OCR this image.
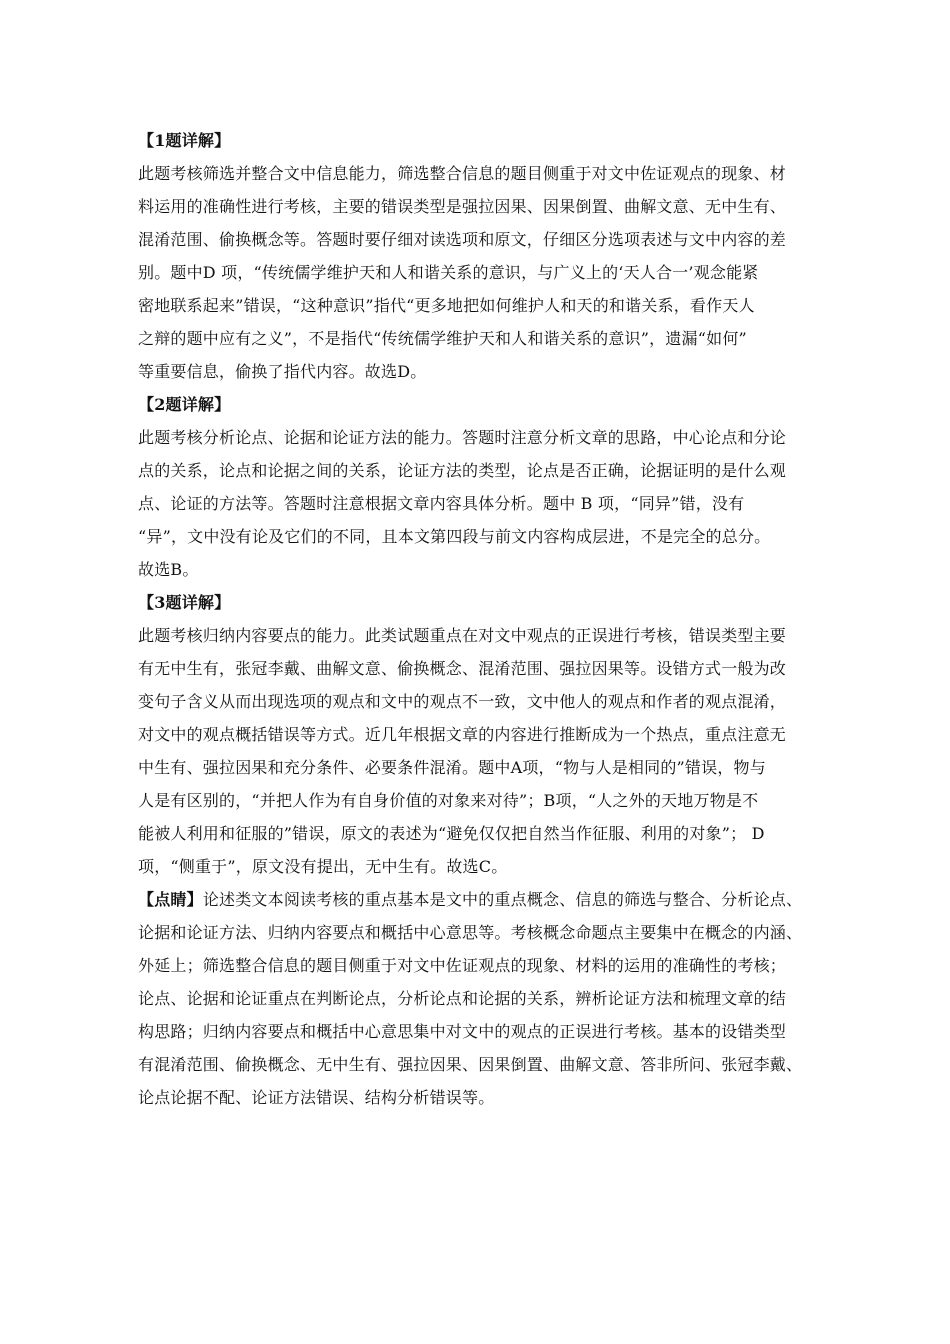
【1题详解】
此题考核筛选并整合文中信息能力，筛选整合信息的题目侧重于对文中佐证观点的现象、材
料运用的准确性进行考核，主要的错误类型是强拉因果、因果倒置、曲解文意、无中生有、
混淆范围、偷换概念等。答题时要仔细对读选项和原文，仔细区分选项表述与文中内容的差
别。题中D 项，“传统儒学维护天和人和谐关系的意识，与广义上的‘天人合一’观念能紧
密地联系起来”错误，“这种意识”指代“更多地把如何维护人和天的和谐关系，看作天人
之辩的题中应有之义”，不是指代“传统儒学维护天和人和谐关系的意识”，遗漏“如何”
等重要信息，偷换了指代内容。故选D。
【2题详解】
此题考核分析论点、论据和论证方法的能力。答题时注意分析文章的思路，中心论点和分论
点的关系，论点和论据之间的关系，论证方法的类型，论点是否正确，论据证明的是什么观
点、论证的方法等。答题时注意根据文章内容具体分析。题中 B 项，“同异”错，没有
“异”，文中没有论及它们的不同，且本文第四段与前文内容构成层进，不是完全的总分。
故选B。
【3题详解】
此题考核归纳内容要点的能力。此类试题重点在对文中观点的正误进行考核，错误类型主要
有无中生有，张冠李戴、曲解文意、偷换概念、混淆范围、强拉因果等。设错方式一般为改
变句子含义从而出现选项的观点和文中的观点不一致，文中他人的观点和作者的观点混淆，
对文中的观点概括错误等方式。近几年根据文章的内容进行推断成为一个热点，重点注意无
中生有、强拉因果和充分条件、必要条件混淆。题中A项，“物与人是相同的”错误，物与
人是有区别的，“并把人作为有自身价值的对象来对待”；B项，“人之外的天地万物是不
能被人利用和征服的”错误，原文的表述为“避免仅仅把自然当作征服、利用的对象”； D
项，“侧重于”，原文没有提出，无中生有。故选C。
【点睛】论述类文本阅读考核的重点基本是文中的重点概念、信息的筛选与整合、分析论点、
论据和论证方法、归纳内容要点和概括中心意思等。考核概念命题点主要集中在概念的内涵、
外延上；筛选整合信息的题目侧重于对文中佐证观点的现象、材料的运用的准确性的考核；
论点、论据和论证重点在判断论点，分析论点和论据的关系，辨析论证方法和梳理文章的结
构思路；归纳内容要点和概括中心意思集中对文中的观点的正误进行考核。基本的设错类型
有混淆范围、偷换概念、无中生有、强拉因果、因果倒置、曲解文意、答非所问、张冠李戴、
论点论据不配、论证方法错误、结构分析错误等。
